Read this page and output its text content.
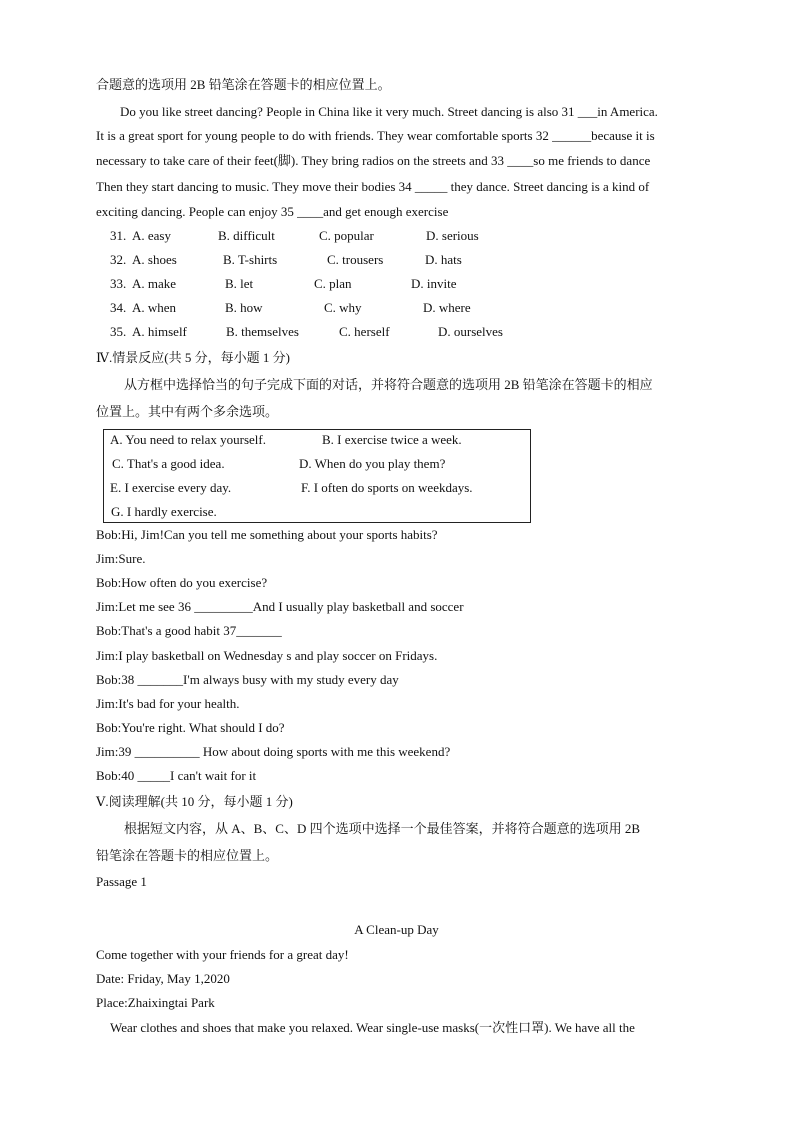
合题意的选项用 2B 铅笔涂在答题卡的相应位置上。
Do you like street dancing? People in China like it very much. Street dancing is also 31 ___in America.
It is a great sport for young people to do with friends. They wear comfortable sports 32 ______because it is
necessary to take care of their feet(脚). They bring radios on the streets and 33 ____so me friends to dance
Then they start dancing to music. They move their bodies 34 _____ they dance. Street dancing is a kind of
exciting dancing. People can enjoy 35 ____and get enough exercise
31. A. easy	B. difficult	C. popular	D. serious
32. A. shoes	B. T-shirts	C. trousers	D. hats
33. A. make	B. let	C. plan	D. invite
34. A. when	B. how	C. why	D. where
35. A. himself	B. themselves	C. herself	D. ourselves
Ⅳ.情景反应(共 5 分，每小题 1 分)
从方框中选择恰当的句子完成下面的对话，并将符合题意的选项用 2B 铅笔涂在答题卡的相应
位置上。其中有两个多余选项。
A. You need to relax yourself.	B. I exercise twice a week.
C. That's a good idea.	D. When do you play them?
E. I exercise every day.	F. I often do sports on weekdays.
G. I hardly exercise.
Bob:Hi, Jim!Can you tell me something about your sports habits?
Jim:Sure.
Bob:How often do you exercise?
Jim:Let me see 36 _________And I usually play basketball and soccer
Bob:That's a good habit 37_______
Jim:I play basketball on Wednesday s and play soccer on Fridays.
Bob:38 _______I'm always busy with my study every day
Jim:It's bad for your health.
Bob:You're right. What should I do?
Jim:39 __________ How about doing sports with me this weekend?
Bob:40 _____I can't wait for it
Ⅴ.阅读理解(共 10 分，每小题 1 分)
根据短文内容，从 A、B、C、D 四个选项中选择一个最佳答案，并将符合题意的选项用 2B
铅笔涂在答题卡的相应位置上。
Passage 1
A Clean-up Day
Come together with your friends for a great day!
Date: Friday, May 1,2020
Place:Zhaixingtai Park
Wear clothes and shoes that make you relaxed. Wear single-use masks(一次性口罩). We have all the
